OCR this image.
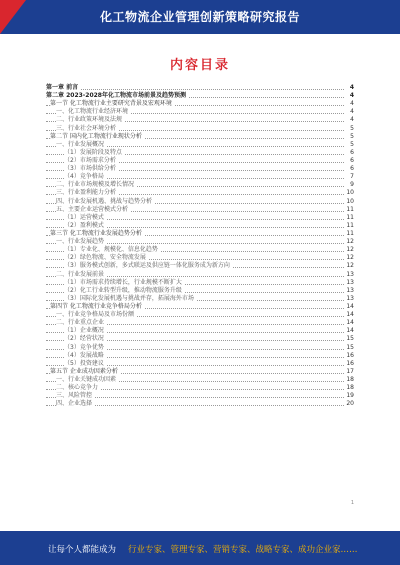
化工物流企业管理创新策略研究报告
内容目录
第一章 前言	4
第二章 2023-2028年化工物流市场前景及趋势预测	4
第一节 化工物流行业主要研究背景及宏观环境	4
一、化工物流行业经济环境	4
二、行业政策环境及法规	4
三、行业社会环境分析	5
第二节 国内化工物流行业现状分析	5
一、行业发展概况	5
（1）发展阶段及特点	6
（2）市场需求分析	6
（3）市场供给分析	6
（4）竞争格局	7
二、行业市场规模及增长情况	9
三、行业盈利能力分析	10
四、行业发展机遇、挑战与趋势分析	10
五、主要企业运营模式分析	11
（1）运营模式	11
（2）盈利模式	11
第三节 化工物流行业发展趋势分析	11
一、行业发展趋势	12
（1）专业化、规模化、信息化趋势	12
（2）绿色物流、安全物流发展	12
（3）服务模式创新，多式联运及供应链一体化服务成为新方向	12
二、行业发展前景	13
（1）市场需求持续增长，行业规模不断扩大	13
（2）化工行业转型升级，推动物流服务升级	13
（3）国际化发展机遇与挑战并存，拓展海外市场	13
第四节 化工物流行业竞争格局分析	14
一、行业竞争格局及市场份额	14
二、行业重点企业	14
（1）企业概况	14
（2）经营状况	15
（3）竞争优势	15
（4）发展战略	16
（5）投资建议	16
第五节 企业成功因素分析	17
一、行业关键成功因素	18
二、核心竞争力	18
三、风险管控	19
四、企业选择	20
1
让每个人都能成为 行业专家、管理专家、营销专家、战略专家、成功企业家……
